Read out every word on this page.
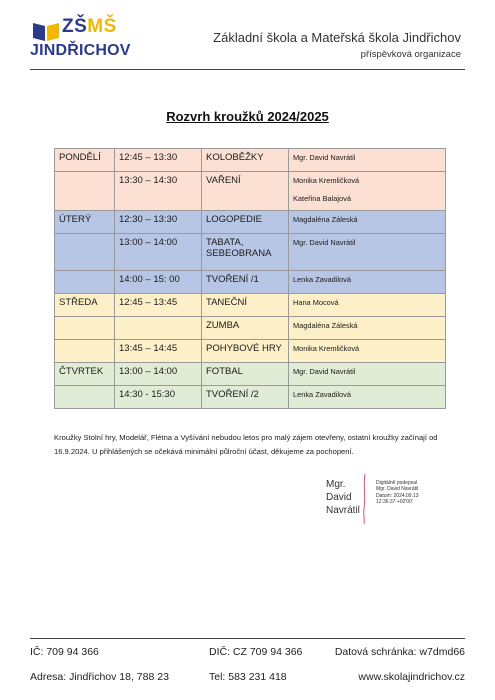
ZŠMŠ
JINDŘICHOV
Základní škola a Mateřská škola Jindřichov
příspěvková organizace
Rozvrh kroužků 2024/2025
PONDĚLÍ	12:45 – 13:30	KOLOBĚŽKY	Mgr. David Navrátil

	13:30 – 14:30	VAŘENÍ	Monika Kremličková
Kateřina Balajová

ÚTERÝ	12:30 – 13:30	LOGOPEDIE	Magdaléna Záleská

	13:00 – 14:00	TABATA, SEBEOBRANA	Mgr. David Navrátil

	14:00 – 15: 00	TVOŘENÍ /1	Lenka Zavadilová

STŘEDA	12:45 – 13:45	TANEČNÍ	Hana Mocová

		ZUMBA	Magdaléna Záleská

	13:45 – 14:45	POHYBOVÉ HRY	Monika Kremličková

ČTVRTEK	13:00 – 14:00	FOTBAL	Mgr. David Navrátil

	14:30 - 15:30	TVOŘENÍ /2	Lenka Zavadilová
Kroužky Stolní hry, Modelář, Flétna a Vyšívání nebudou letos pro malý zájem otevřeny, ostatní kroužky začínají od 16.9.2024. U přihlášených se očekává minimální půlroční účast, děkujeme za pochopení.
Mgr.
David
Navrátil
Digitálně podepsal
Mgr. David Navrátil
Datum: 2024.09.13
12:36:37 +02'00'
IČ: 709 94 366	DIČ: CZ 709 94 366	Datová schránka: w7dmd66
Adresa: Jindřichov 18, 788 23	Tel: 583 231 418	www.skolajindrichov.cz
